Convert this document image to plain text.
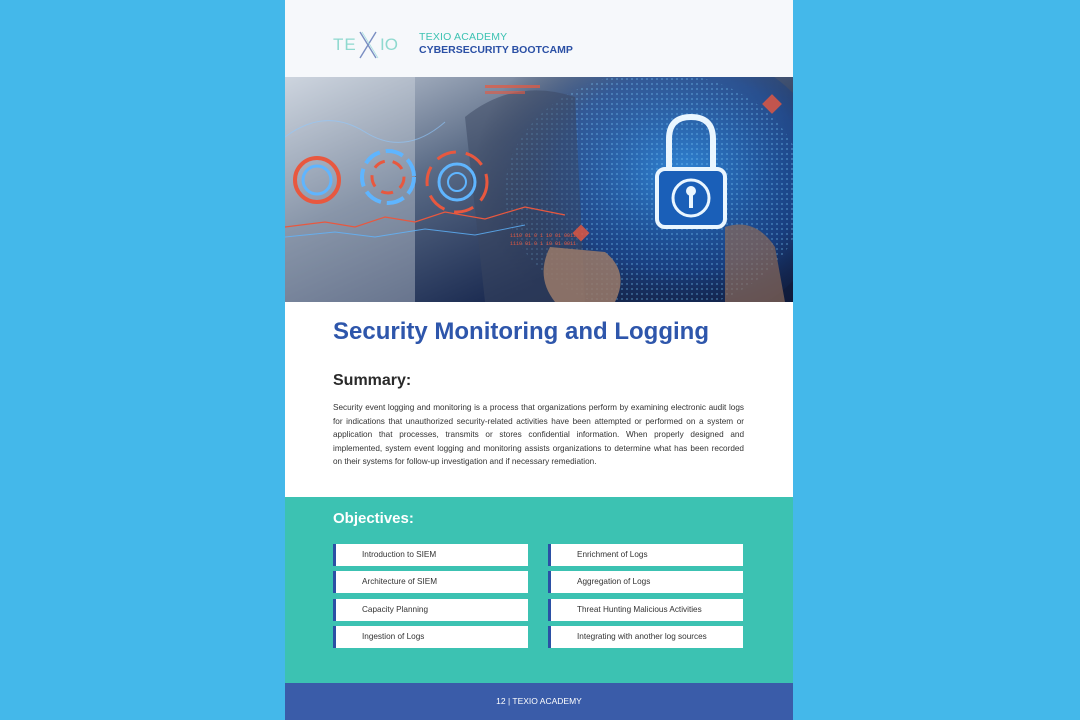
TE IO TEXIO ACADEMY
CYBERSECURITY BOOTCAMP
1110 01 0 1 10 01 0011
1110 01 0 1 10 01 0011
Security Monitoring and Logging
Summary:

Security event logging and monitoring is a process that organizations perform by examining electronic audit logs for indications that unauthorized security-related activities have been attempted or performed on a system or application that processes, transmits or stores confidential information. When properly designed and implemented, system event logging and monitoring assists organizations to determine what has been recorded on their systems for follow-up investigation and if necessary remediation.

Objectives:
Introduction to SIEM
Architecture of SIEM
Capacity Planning
Ingestion of Logs
Enrichment of Logs
Aggregation of Logs
Threat Hunting Malicious Activities
Integrating with another log sources
12 | TEXIO ACADEMY
